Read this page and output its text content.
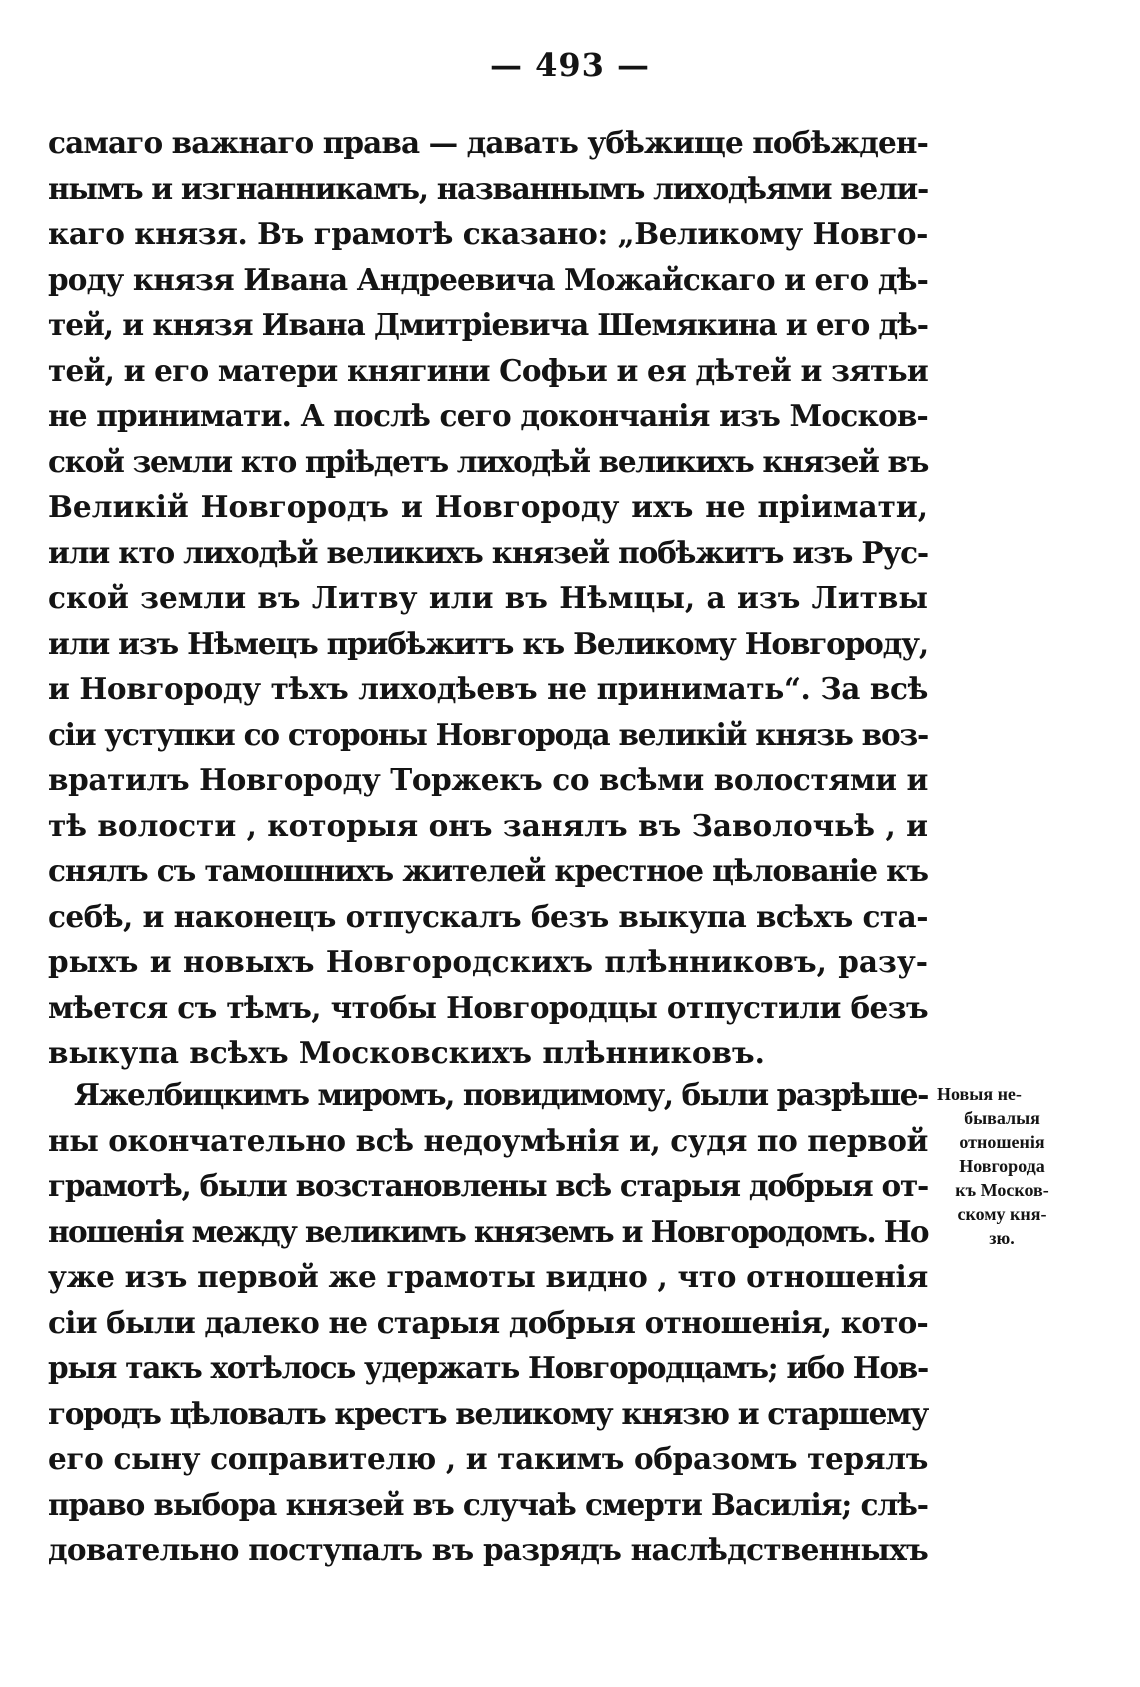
— 493 —
самаго важнаго права — давать убѣжище побѣжден-
нымъ и изгнанникамъ, названнымъ лиходѣями вели-
каго князя. Въ грамотѣ сказано: „Великому Новго-
роду князя Ивана Андреевича Можайскаго и его дѣ-
тей, и князя Ивана Дмитріевича Шемякина и его дѣ-
тей, и его матери княгини Софьи и ея дѣтей и зятьи
не принимати. А послѣ сего докончанія изъ Москов-
ской земли кто пріѣдетъ лиходѣй великихъ князей въ
Великій Новгородъ и Новгороду ихъ не пріимати,
или кто лиходѣй великихъ князей побѣжитъ изъ Рус-
ской земли въ Литву или въ Нѣмцы, а изъ Литвы
или изъ Нѣмецъ прибѣжитъ къ Великому Новгороду,
и Новгороду тѣхъ лиходѣевъ не принимать“. За всѣ
сіи уступки со стороны Новгорода великій князь воз-
вратилъ Новгороду Торжекъ со всѣми волостями и
тѣ волости , которыя онъ занялъ въ Заволочьѣ , и
снялъ съ тамошнихъ жителей крестное цѣлованіе къ
себѣ, и наконецъ отпускалъ безъ выкупа всѣхъ ста-
рыхъ и новыхъ Новгородскихъ плѣнниковъ, разу-
мѣется съ тѣмъ, чтобы Новгородцы отпустили безъ
выкупа всѣхъ Московскихъ плѣнниковъ.
Яжелбицкимъ миромъ, повидимому, были разрѣше-
ны окончательно всѣ недоумѣнія и, судя по первой
грамотѣ, были возстановлены всѣ старыя добрыя от-
ношенія между великимъ княземъ и Новгородомъ. Но
уже изъ первой же грамоты видно , что отношенія
сіи были далеко не старыя добрыя отношенія, кото-
рыя такъ хотѣлось удержать Новгородцамъ; ибо Нов-
городъ цѣловалъ крестъ великому князю и старшему
его сыну соправителю , и такимъ образомъ терялъ
право выбора князей въ случаѣ смерти Василія; слѣ-
довательно поступалъ въ разрядъ наслѣдственныхъ
Новыя не-
бывалыя
отношенія
Новгорода
къ Москов-
скому кня-
зю.
